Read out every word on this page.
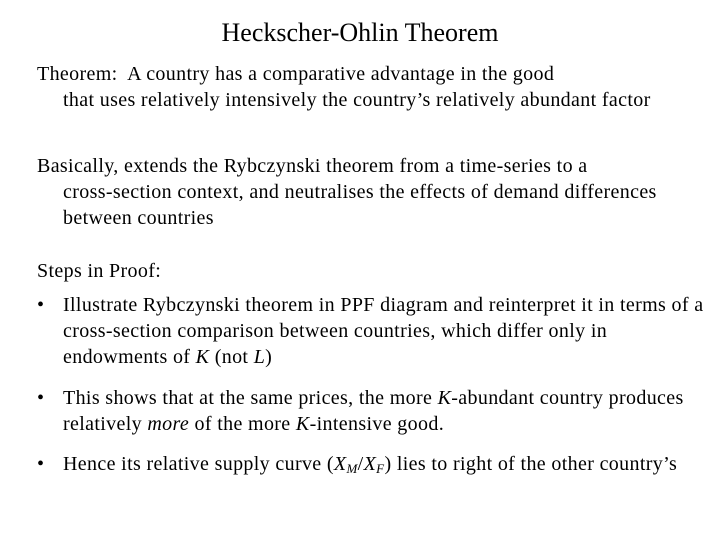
Heckscher-Ohlin Theorem
Theorem: A country has a comparative advantage in the good
that uses relatively intensively the country’s relatively abundant factor
Basically, extends the Rybczynski theorem from a time-series to a
cross-section context, and neutralises the effects of demand differences between countries
Steps in Proof:
• Illustrate Rybczynski theorem in PPF diagram and reinterpret it in terms of a cross-section comparison between countries, which differ only in endowments of K (not L)
• This shows that at the same prices, the more K-abundant country produces relatively more of the more K-intensive good.
• Hence its relative supply curve $(X_M/X_F)$ lies to right of the other country’s
